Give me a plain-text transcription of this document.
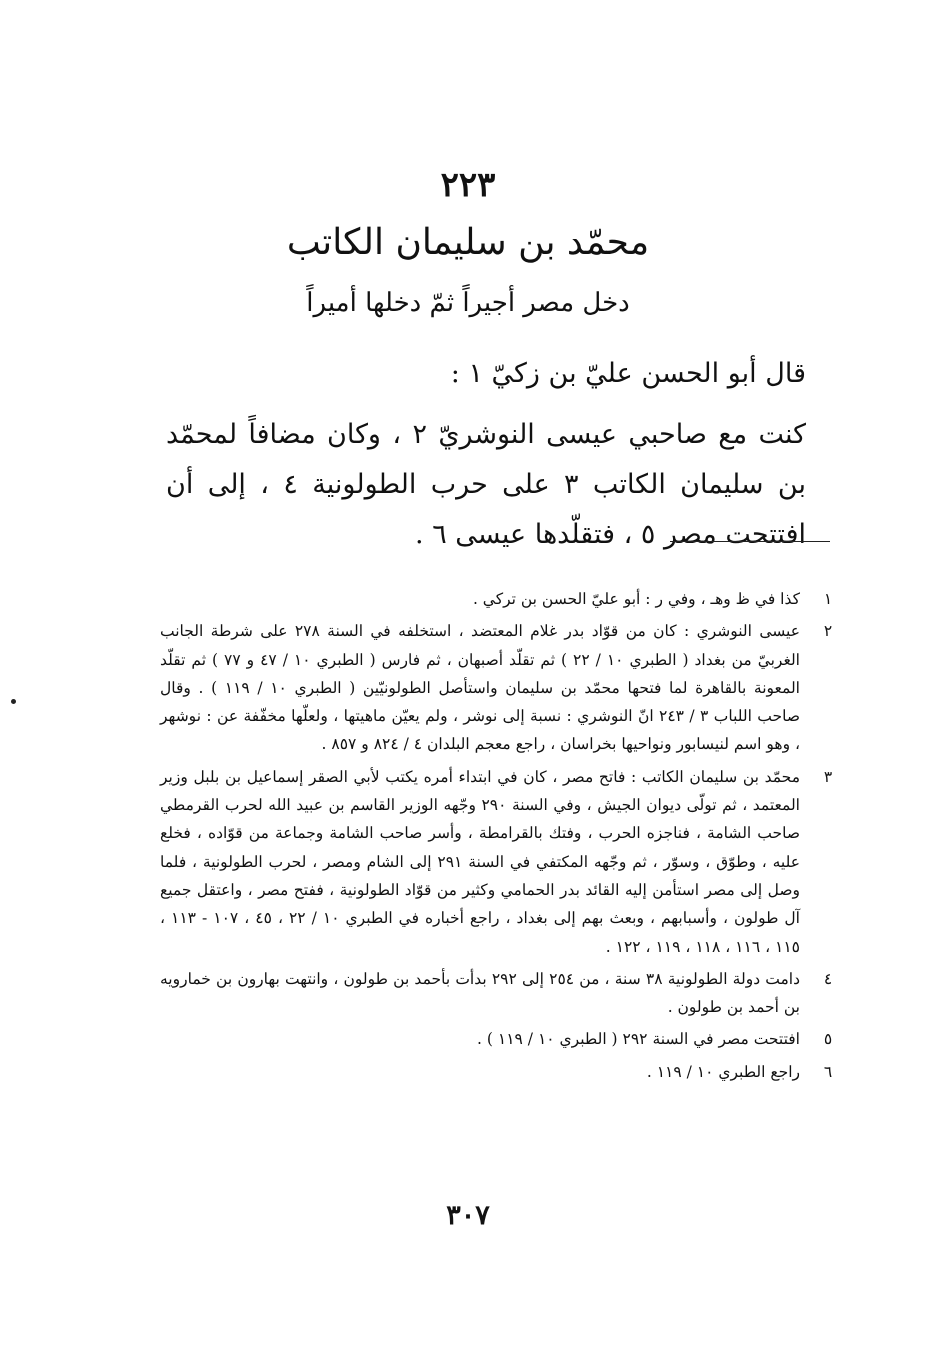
٢٢٣
محمّد بن سليمان الكاتب
دخل مصر أجيراً ثمّ دخلها أميراً
قال أبو الحسن عليّ بن زكيّ ١ :
كنت مع صاحبي عيسى النوشريّ ٢ ، وكان مضافاً لمحمّد بن سليمان الكاتب ٣ على حرب الطولونية ٤ ، إلى أن افتتحت مصر ٥ ، فتقلّدها عيسى ٦ .
١
كذا في ظ وهـ ، وفي ر : أبو عليّ الحسن بن تركي .
٢
عيسى النوشري : كان من قوّاد بدر غلام المعتضد ، استخلفه في السنة ٢٧٨ على شرطة الجانب الغربيّ من بغداد ( الطبري ١٠ / ٢٢ ) ثم تقلّد أصبهان ، ثم فارس ( الطبري ١٠ / ٤٧ و ٧٧ ) ثم تقلّد المعونة بالقاهرة لما فتحها محمّد بن سليمان واستأصل الطولونيّين ( الطبري ١٠ / ١١٩ ) . وقال صاحب اللباب ٣ / ٢٤٣ انّ النوشري : نسبة إلى نوشر ، ولم يعيّن ماهيتها ، ولعلّها مخفّفة عن : نوشهر ، وهو اسم لنيسابور ونواحيها بخراسان ، راجع معجم البلدان ٤ / ٨٢٤ و ٨٥٧ .
٣
محمّد بن سليمان الكاتب : فاتح مصر ، كان في ابتداء أمره يكتب لأبي الصقر إسماعيل بن بلبل وزير المعتمد ، ثم تولّى ديوان الجيش ، وفي السنة ٢٩٠ وجّهه الوزير القاسم بن عبيد الله لحرب القرمطي صاحب الشامة ، فناجزه الحرب ، وفتك بالقرامطة ، وأسر صاحب الشامة وجماعة من قوّاده ، فخلع عليه ، وطوّق ، وسوّر ، ثم وجّهه المكتفي في السنة ٢٩١ إلى الشام ومصر ، لحرب الطولونية ، فلما وصل إلى مصر استأمن إليه القائد بدر الحمامي وكثير من قوّاد الطولونية ، ففتح مصر ، واعتقل جميع آل طولون ، وأسبابهم ، وبعث بهم إلى بغداد ، راجع أخباره في الطبري ١٠ / ٢٢ ، ٤٥ ، ١٠٧ - ١١٣ ، ١١٥ ، ١١٦ ، ١١٨ ، ١١٩ ، ١٢٢ .
٤
دامت دولة الطولونية ٣٨ سنة ، من ٢٥٤ إلى ٢٩٢ بدأت بأحمد بن طولون ، وانتهت بهارون بن خمارويه بن أحمد بن طولون .
٥
افتتحت مصر في السنة ٢٩٢ ( الطبري ١٠ / ١١٩ ) .
٦
راجع الطبري ١٠ / ١١٩ .
٣٠٧
